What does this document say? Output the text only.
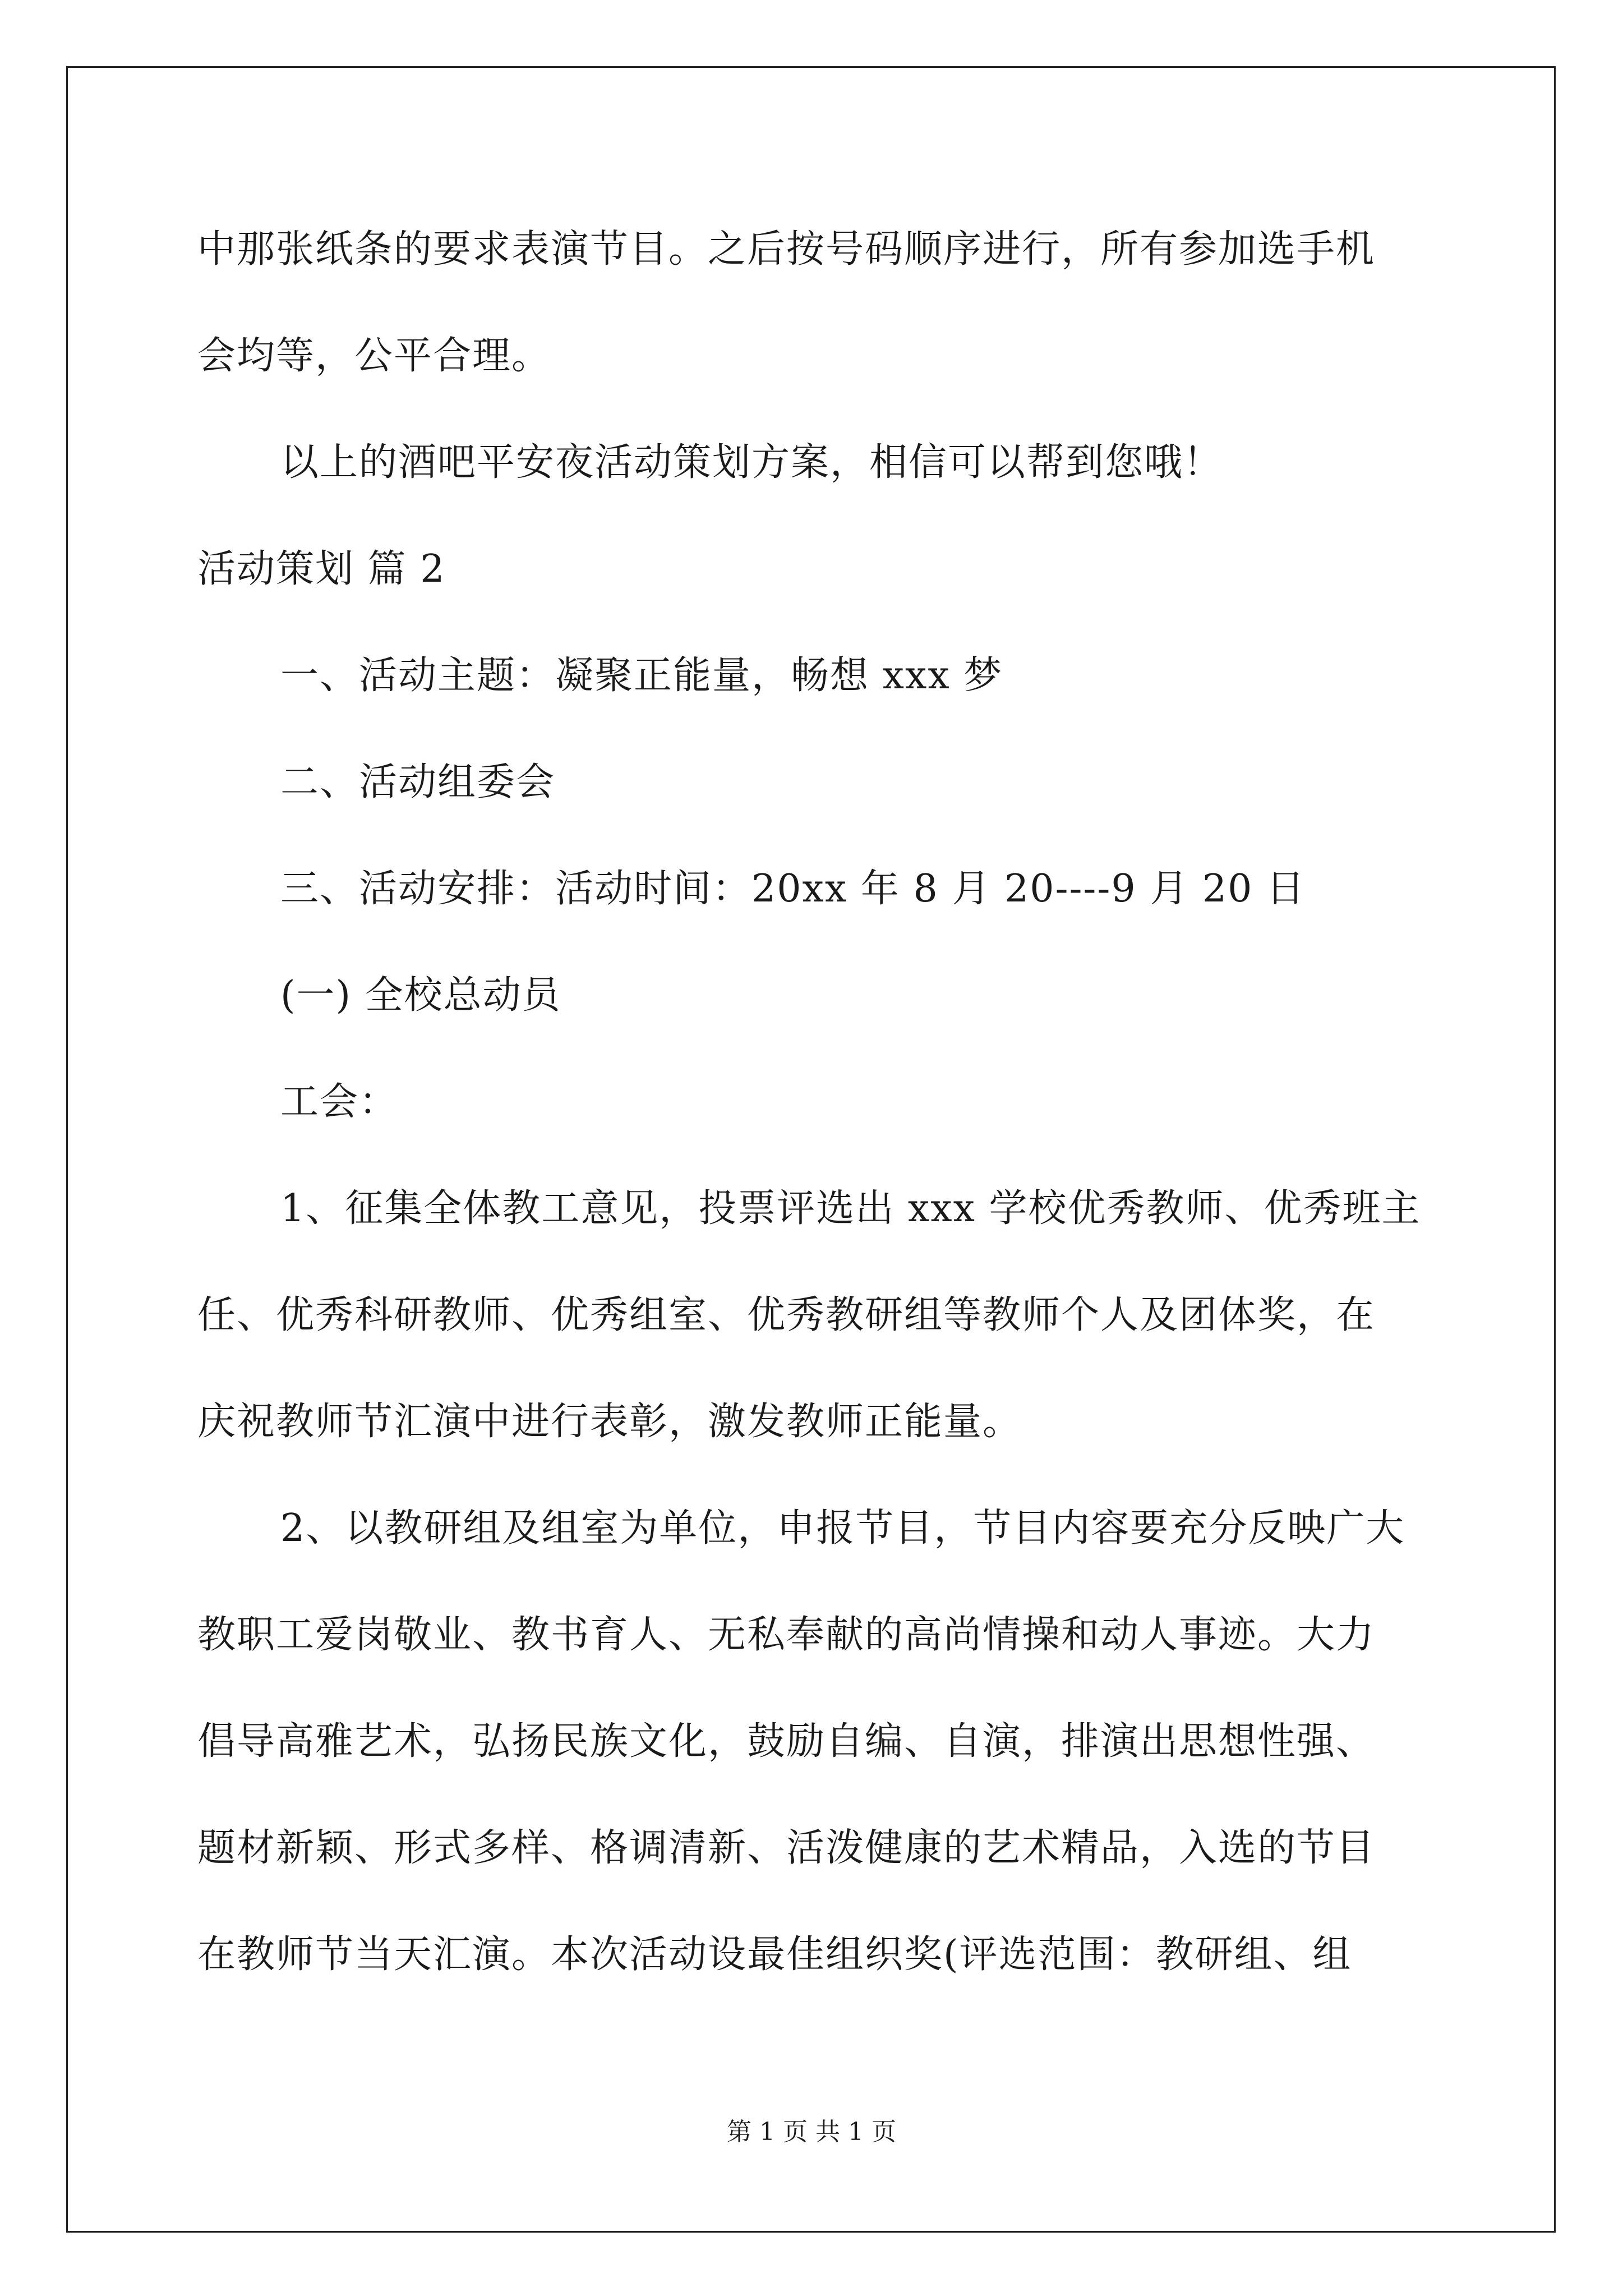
中那张纸条的要求表演节目。之后按号码顺序进行，所有参加选手机
会均等，公平合理。
以上的酒吧平安夜活动策划方案，相信可以帮到您哦！
活动策划 篇 2
一、活动主题：凝聚正能量，畅想 xxx 梦
二、活动组委会
三、活动安排：活动时间：20xx 年 8 月 20----9 月 20 日
(一) 全校总动员
工会：
1、征集全体教工意见，投票评选出 xxx 学校优秀教师、优秀班主
任、优秀科研教师、优秀组室、优秀教研组等教师个人及团体奖，在
庆祝教师节汇演中进行表彰，激发教师正能量。
2、以教研组及组室为单位，申报节目，节目内容要充分反映广大
教职工爱岗敬业、教书育人、无私奉献的高尚情操和动人事迹。大力
倡导高雅艺术，弘扬民族文化，鼓励自编、自演，排演出思想性强、
题材新颖、形式多样、格调清新、活泼健康的艺术精品，入选的节目
在教师节当天汇演。本次活动设最佳组织奖(评选范围：教研组、组
第 1 页 共 1 页
